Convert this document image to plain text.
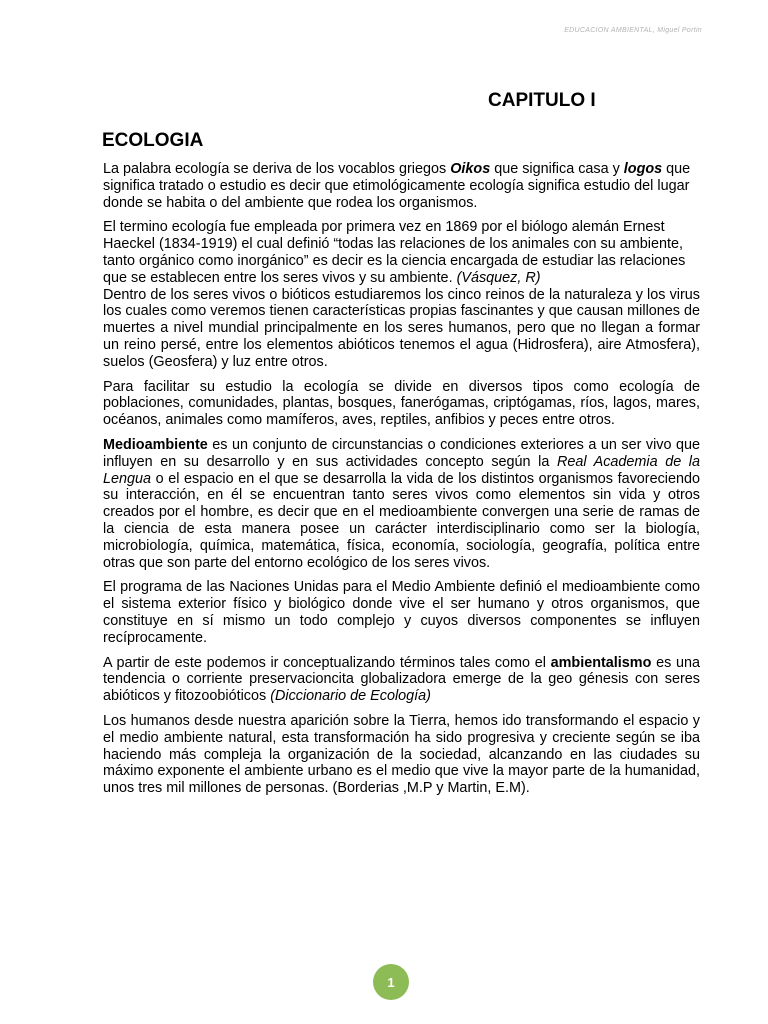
EDUCACION AMBIENTAL, Miguel Portin
CAPITULO I
ECOLOGIA

La palabra ecología se deriva de los vocablos griegos Oikos que significa casa y logos que significa tratado o estudio es decir que etimológicamente ecología significa estudio del lugar donde se habita o del ambiente que rodea los organismos.

El termino ecología fue empleada por primera vez en 1869 por el biólogo alemán Ernest Haeckel (1834-1919) el cual definió “todas las relaciones de los animales con su ambiente, tanto orgánico como inorgánico” es decir es la ciencia encargada de estudiar las relaciones que se establecen entre los seres vivos y su ambiente. (Vásquez, R)

Dentro de los seres vivos o bióticos estudiaremos los cinco reinos de la naturaleza y los virus los cuales como veremos tienen características propias fascinantes y que causan millones de muertes a nivel mundial principalmente en los seres humanos, pero que no llegan a formar un reino persé, entre los elementos abióticos tenemos el agua (Hidrosfera), aire Atmosfera), suelos (Geosfera) y luz entre otros.

Para facilitar su estudio la ecología se divide en diversos tipos como ecología de poblaciones, comunidades, plantas, bosques, fanerógamas, criptógamas, ríos, lagos, mares, océanos, animales como mamíferos, aves, reptiles, anfibios y peces entre otros.

Medioambiente es un conjunto de circunstancias o condiciones exteriores a un ser vivo que influyen en su desarrollo y en sus actividades concepto según la Real Academia de la Lengua o el espacio en el que se desarrolla la vida de los distintos organismos favoreciendo su interacción, en él se encuentran tanto seres vivos como elementos sin vida y otros creados por el hombre, es decir que en el medioambiente convergen una serie de ramas de la ciencia de esta manera posee un carácter interdisciplinario como ser la biología, microbiología, química, matemática, física, economía, sociología, geografía, política entre otras que son parte del entorno ecológico de los seres vivos.

El programa de las Naciones Unidas para el Medio Ambiente definió el medioambiente como el sistema exterior físico y biológico donde vive el ser humano y otros organismos, que constituye en sí mismo un todo complejo y cuyos diversos componentes se influyen recíprocamente.

A partir de este podemos ir conceptualizando términos tales como el ambientalismo es una tendencia o corriente preservacioncita globalizadora emerge de la geo génesis con seres abióticos y fitozoobióticos (Diccionario de Ecología)

Los humanos desde nuestra aparición sobre la Tierra, hemos ido transformando el espacio y el medio ambiente natural, esta transformación ha sido progresiva y creciente según se iba haciendo más compleja la organización de la sociedad, alcanzando en las ciudades su máximo exponente el ambiente urbano es el medio que vive la mayor parte de la humanidad, unos tres mil millones de personas. (Borderias ,M.P y Martin, E.M).

1
